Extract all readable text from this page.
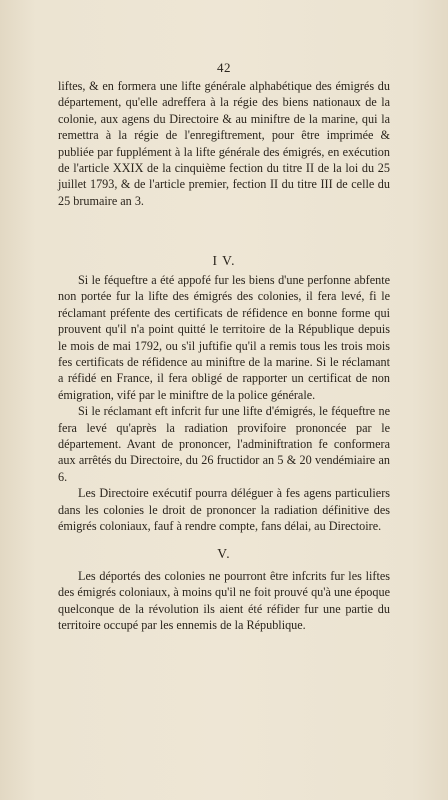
42

liftes, & en formera une lifte générale alphabétique des émigrés du département, qu'elle adreffera à la régie des biens nationaux de la colonie, aux agens du Directoire & au miniftre de la marine, qui la remettra à la régie de l'enregiftrement, pour être imprimée & publiée par fupplément à la lifte générale des émigrés, en exécution de l'article XXIX de la cinquième fection du titre II de la loi du 25 juillet 1793, & de l'article premier, fection II du titre III de celle du 25 brumaire an 3.

I V.

Si le féqueftre a été appofé fur les biens d'une perfonne abfente non portée fur la lifte des émigrés des colonies, il fera levé, fi le réclamant préfente des certificats de réfidence en bonne forme qui prouvent qu'il n'a point quitté le territoire de la République depuis le mois de mai 1792, ou s'il juftifie qu'il a remis tous les trois mois fes certificats de réfidence au miniftre de la marine. Si le réclamant a réfidé en France, il fera obligé de rapporter un certificat de non émigration, vifé par le miniftre de la police générale.

Si le réclamant eft infcrit fur une lifte d'émigrés, le féqueftre ne fera levé qu'après la radiation provifoire prononcée par le département. Avant de prononcer, l'adminiftration fe conformera aux arrêtés du Directoire, du 26 fructidor an 5 & 20 vendémiaire an 6.

Les Directoire exécutif pourra déléguer à fes agens particuliers dans les colonies le droit de prononcer la radiation définitive des émigrés coloniaux, fauf à rendre compte, fans délai, au Directoire.

V.

Les déportés des colonies ne pourront être infcrits fur les liftes des émigrés coloniaux, à moins qu'il ne foit prouvé qu'à une époque quelconque de la révolution ils aient été réfider fur une partie du territoire occupé par les ennemis de la République.
